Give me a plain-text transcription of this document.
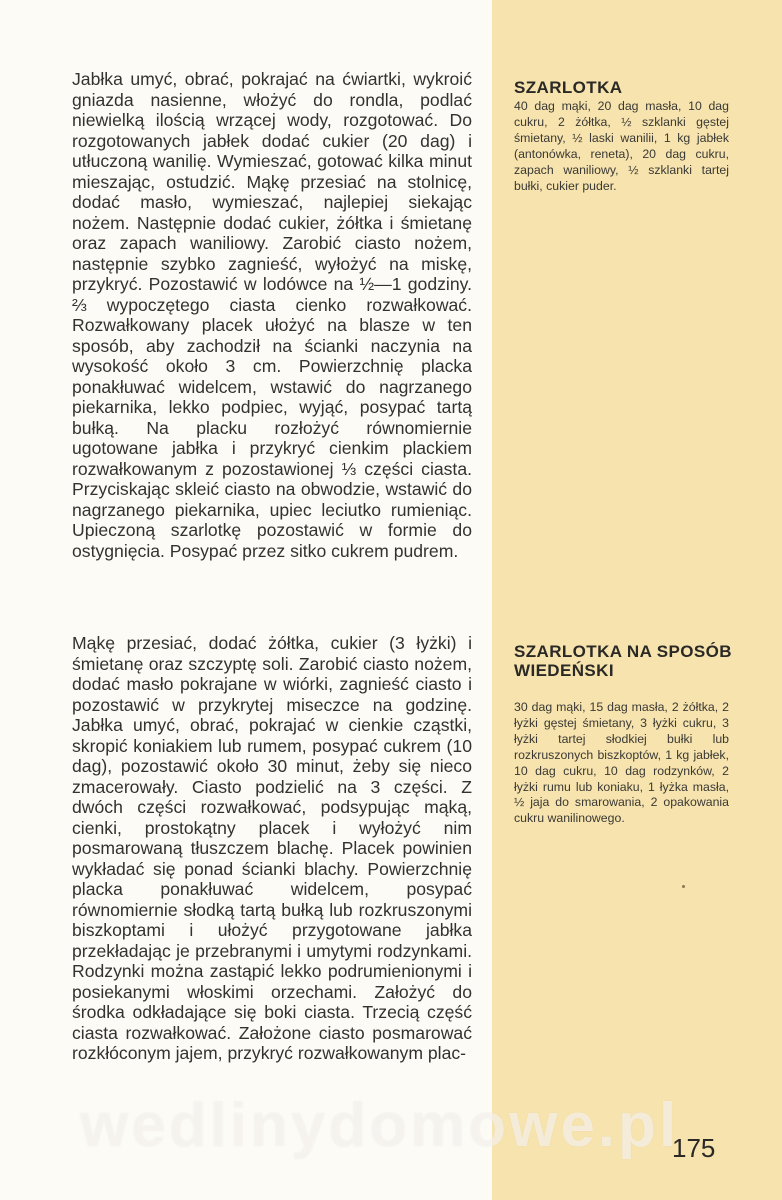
Jabłka umyć, obrać, pokrajać na ćwiartki, wykroić gniazda nasienne, włożyć do rondla, podlać niewielką ilością wrzącej wody, rozgotować. Do rozgotowanych jabłek dodać cukier (20 dag) i utłuczoną wanilię. Wymieszać, gotować kilka minut mieszając, ostudzić. Mąkę przesiać na stolnicę, dodać masło, wymieszać, najlepiej siekając nożem. Następnie dodać cukier, żółtka i śmietanę oraz zapach waniliowy. Zarobić ciasto nożem, następnie szybko zagnieść, wyłożyć na miskę, przykryć. Pozostawić w lodówce na ½—1 godziny. ⅔ wypoczętego ciasta cienko rozwałkować. Rozwałkowany placek ułożyć na blasze w ten sposób, aby zachodził na ścianki naczynia na wysokość około 3 cm. Powierzchnię placka ponakłuwać widelcem, wstawić do nagrzanego piekarnika, lekko podpiec, wyjąć, posypać tartą bułką. Na placku rozłożyć równomiernie ugotowane jabłka i przykryć cienkim plackiem rozwałkowanym z pozostawionej ⅓ części ciasta. Przyciskając skleić ciasto na obwodzie, wstawić do nagrzanego piekarnika, upiec leciutko rumieniąc. Upieczoną szarlotkę pozostawić w formie do ostygnięcia. Posypać przez sitko cukrem pudrem.

Mąkę przesiać, dodać żółtka, cukier (3 łyżki) i śmietanę oraz szczyptę soli. Zarobić ciasto nożem, dodać masło pokrajane w wiórki, zagnieść ciasto i pozostawić w przykrytej miseczce na godzinę. Jabłka umyć, obrać, pokrajać w cienkie cząstki, skropić koniakiem lub rumem, posypać cukrem (10 dag), pozostawić około 30 minut, żeby się nieco zmacerowały. Ciasto podzielić na 3 części. Z dwóch części rozwałkować, podsypując mąką, cienki, prostokątny placek i wyłożyć nim posmarowaną tłuszczem blachę. Placek powinien wykładać się ponad ścianki blachy. Powierzchnię placka ponakłuwać widelcem, posypać równomiernie słodką tartą bułką lub rozkruszonymi biszkoptami i ułożyć przygotowane jabłka przekładając je przebranymi i umytymi rodzynkami. Rodzynki można zastąpić lekko podrumienionymi i posiekanymi włoskimi orzechami. Założyć do środka odkładające się boki ciasta. Trzecią część ciasta rozwałkować. Założone ciasto posmarować rozkłóconym jajem, przykryć rozwałkowanym plac-

SZARLOTKA

40 dag mąki, 20 dag masła, 10 dag cukru, 2 żółtka, ½ szklanki gęstej śmietany, ½ laski wanilii, 1 kg jabłek (antonówka, reneta), 20 dag cukru, zapach waniliowy, ½ szklanki tartej bułki, cukier puder.

SZARLOTKA NA SPOSÓB WIEDEŃSKI

30 dag mąki, 15 dag masła, 2 żółtka, 2 łyżki gęstej śmietany, 3 łyżki cukru, 3 łyżki tartej słodkiej bułki lub rozkruszonych biszkoptów, 1 kg jabłek, 10 dag cukru, 10 dag rodzynków, 2 łyżki rumu lub koniaku, 1 łyżka masła, ½ jaja do smarowania, 2 opakowania cukru wanilinowego.

wedlinydomowe.pl
175
